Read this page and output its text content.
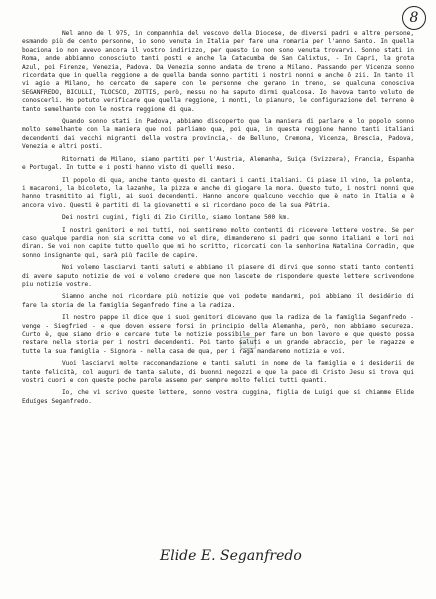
8

Nel anno de l 975, in compannhia del vescovo della Diocese, de diversi padri e altre persone, esmando più de cento personne, io sono venuta in Italia per fare una romaria per l'anno Santo. In quella boaciona io non avevo ancora il vostro indirizzo, per questo io non sono venuta trovarvi. Sonno stati in Roma, ande abbiamno conosciuto tanti posti e anche la Catacumba de San Calixtus, - In Capri, la grota Azul, poi Firenze, Venezia, Padova. Da Venezia sonno andata de treno a Milano. Passando per Vicenza sonno ricordata que in quella reggione a de quella banda sonno partiti i nostri nonni e anche ô zii. In tanto il vi agio a Milano, ho cercato de sapere con le personne che gerano in treno, se qualcuna conosciva SEGANFREDO, BICULLI, TLOCSCO, ZOTTIS, però, messu no ha saputo dirmi qualcosa. Io havova tanto voluto de conoscerli. Ho potuto verificare que quella reggione, i monti, lo pianuro, le configurazione del terreno è tanto semelhante con le nostra reggione di qua.

Quando sonno stati in Padova, abbiamo discoperto que la maniera di parlare e lo popolo sonno molto semelhante con la maniera que noi parliamo qua, poi qua, in questa reggione hanno tanti italiani decendenti dai vecchi migranti della vostra provincia,- de Belluno, Cremona, Vicenza, Brescia, Padova, Venezia e altri posti.

Ritornati de Milano, siamo partiti per l'Austria, Alemanha, Suiça (Svizzera), Francia, Espanha e Portugal. In tutte e i posti hanno visto di quelli meso.

Il popolo di qua, anche tanto questo di cantari i canti italiani. Ci piase il vino, la polenta, i macaroni, la bicoleto, la lazanhe, la pizza e anche di giogare la mora. Questo tuto, i nostri nonni que hanno trasmitito ai figli, ai suoi decendenti. Hanno ancore qualcuno vecchio que è nato in Italia e è ancora vivo. Questi è partiti di la giovanetti e si ricordano poco de la sua Pátria.

Dei nostri cugini, figli di Zio Cirillo, siamo lontane 500 km.

I nostri genitori e noi tutti, noi sentiremo molto contenti di ricevere lettere vostre. Se per caso qualque pardia non sia scritta come vo el dire, dimandereno si padri que sonno italiani e lori noi diran. Se voi non capite tutto quello que mi ho scritto, ricorcati con la senhorina Natalina Corradin, que sonno insignante qui, sarà più facile de capire.

Noi volemo lasciarvi tanti saluti e abbiamo il piasere di dirvi que sonno stati tanto contenti di avere saputo notizie de voi e volemo credere que non lascete de rispondere queste lettere scrivendone piu notizie vostre.

Siamno anche noi ricordare più notizie que voi podete mandarmi, poi abbiamo il desidério di fare la storia de la famiglia Seganfredo fine a la radiza.

Il nostro pappe il dice que i suoi genitori dicevano que la radiza de la famiglia Seganfredo - venge - Siegfried - e que doven essere forsi in principio della Alemanha, però, non abbiamo secureza. Curto è, que siamo drio e cercare tute le notizie possibile per fare un bon lavoro e que questo possa restare nella storia per i nostri decendenti. Poi tanto saluti e un grande abraccio, per le ragazze e tutte la sua famiglia - Signora - nella casa de qua, per i ragà mandaremo notizia e voi.

Vuoi lasciarvi molte raccomandazione e tanti saluti in nome de la famiglia e i desiderii de tante felicità, col auguri de tanta salute, di buonni negozzi e que la pace di Cristo Jesu si trova qui vostri cuori e con queste poche parole assemo per sempre molto felici tutti quanti.

Io, che vi scrivo queste lettere, sonno vostra cuggina, figlia de Luigi que si chiamme Elide Eduíges Seganfredo.

Elide E. Seganfredo
